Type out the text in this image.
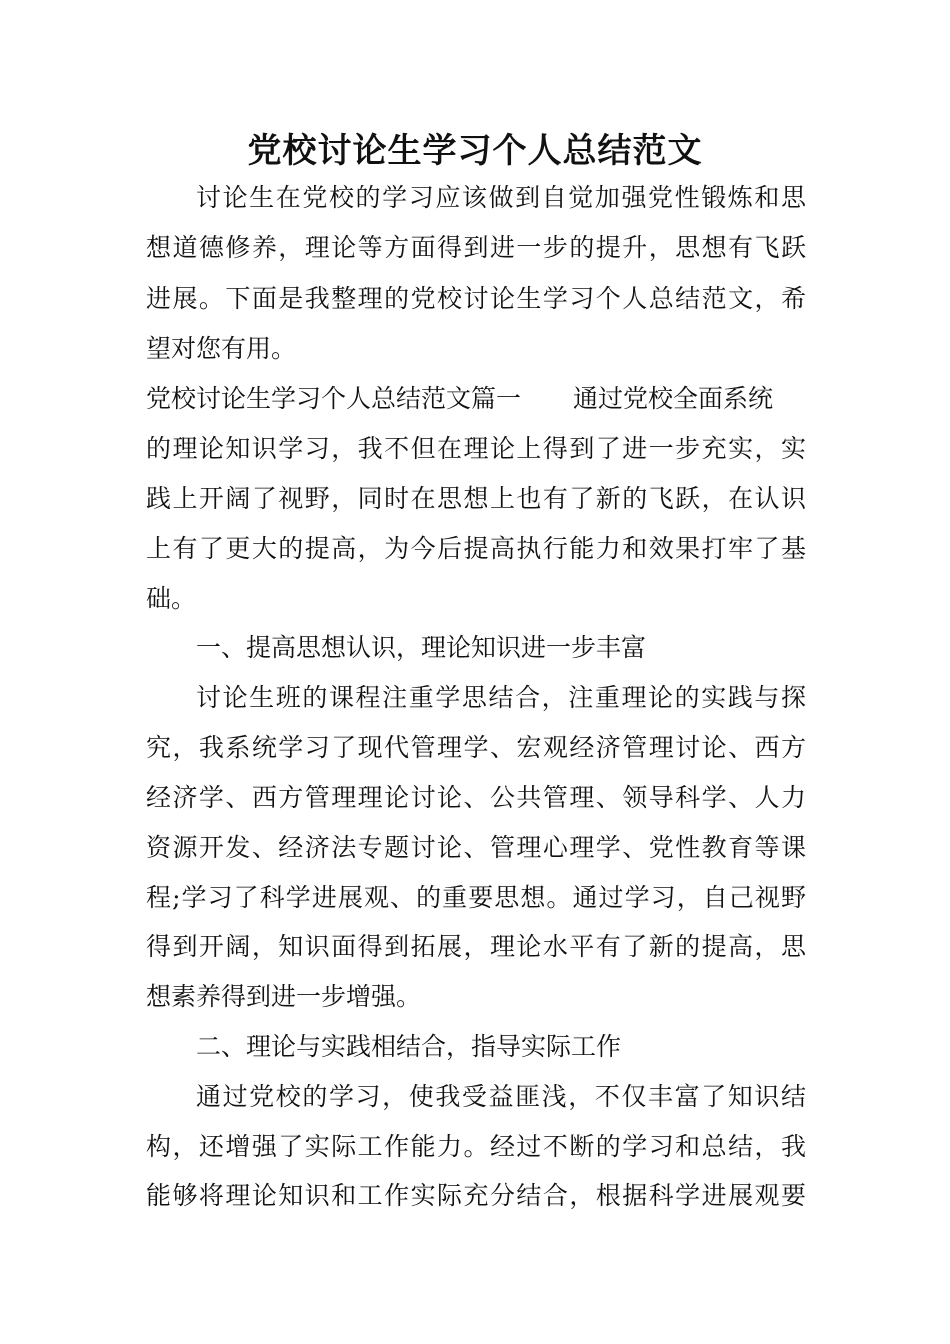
党校讨论生学习个人总结范文
讨论生在党校的学习应该做到自觉加强党性锻炼和思
想道德修养，理论等方面得到进一步的提升，思想有飞跃
进展。下面是我整理的党校讨论生学习个人总结范文，希
望对您有用。
党校讨论生学习个人总结范文篇一 通过党校全面系统
的理论知识学习，我不但在理论上得到了进一步充实，实
践上开阔了视野，同时在思想上也有了新的飞跃，在认识
上有了更大的提高，为今后提高执行能力和效果打牢了基
础。
一、提高思想认识，理论知识进一步丰富
讨论生班的课程注重学思结合，注重理论的实践与探
究，我系统学习了现代管理学、宏观经济管理讨论、西方
经济学、西方管理理论讨论、公共管理、领导科学、人力
资源开发、经济法专题讨论、管理心理学、党性教育等课
程;学习了科学进展观、的重要思想。通过学习，自己视野
得到开阔，知识面得到拓展，理论水平有了新的提高，思
想素养得到进一步增强。
二、理论与实践相结合，指导实际工作
通过党校的学习，使我受益匪浅，不仅丰富了知识结
构，还增强了实际工作能力。经过不断的学习和总结，我
能够将理论知识和工作实际充分结合，根据科学进展观要
